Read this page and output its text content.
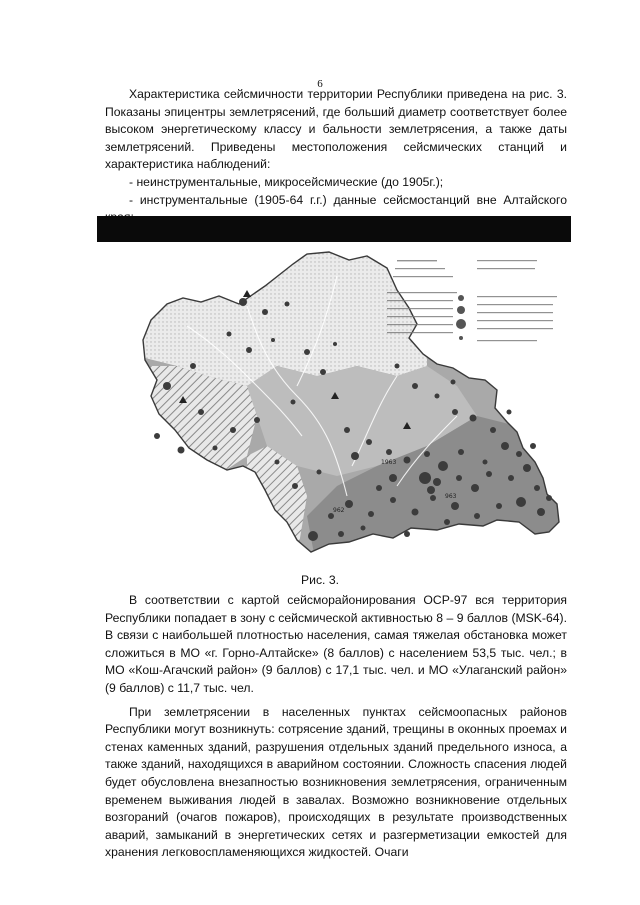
6

Характеристика сейсмичности территории Республики приведена на рис. 3. Показаны эпицентры землетрясений, где больший диаметр соответствует более высоком энергетическому классу и бальности землетрясения, а также даты землетрясений. Приведены местоположения сейсмических станций и характеристика наблюдений:

- неинструментальные, микросейсмические (до 1905г.);

- инструментальные (1905-64 г.г.) данные сейсмостанций вне Алтайского

963
962
1963
Рис. 3.

В соответствии с картой сейсморайонирования ОСР-97 вся территория Республики попадает в зону с сейсмической активностью 8 – 9 баллов (MSK-64). В связи с наибольшей плотностью населения, самая тяжелая обстановка может сложиться в МО «г. Горно-Алтайске» (8 баллов) с населением 53,5 тыс. чел.; в МО «Кош-Агачский район» (9 баллов) с 17,1 тыс. чел. и МО «Улаганский район» (9 баллов) с 11,7 тыс. чел.

При землетрясении в населенных пунктах сейсмоопасных районов Республики могут возникнуть: сотрясение зданий, трещины в оконных проемах и стенах каменных зданий, разрушения отдельных зданий предельного износа, а также зданий, находящихся в аварийном состоянии. Сложность спасения людей будет обусловлена внезапностью возникновения землетрясения, ограниченным временем выживания людей в завалах. Возможно возникновение отдельных возгораний (очагов пожаров), происходящих в результате производственных аварий, замыканий в энергетических сетях и разгерметизации емкостей для хранения легковоспламеняющихся жидкостей. Очаги
